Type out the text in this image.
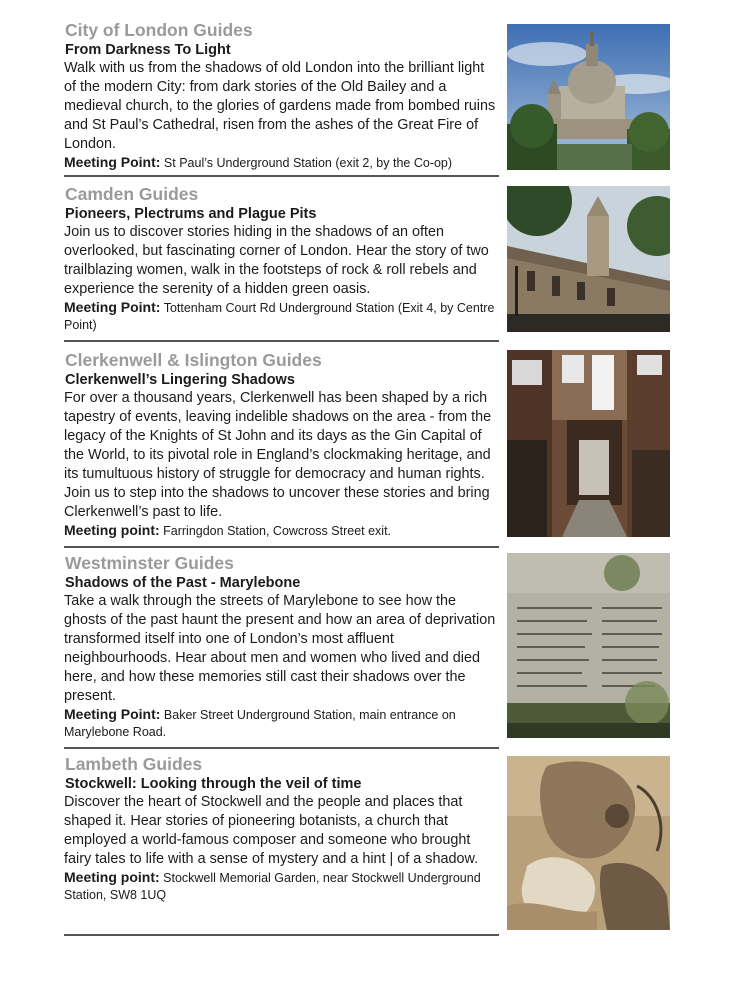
City of London Guides
From Darkness To Light

Walk with us from the shadows of old London into the brilliant light of the modern City: from dark stories of the Old Bailey and a medieval church, to the glories of gardens made from bombed ruins and St Paul’s Cathedral, risen from the ashes of the Great Fire of London.

Meeting Point: St Paul’s Underground Station (exit 2, by the Co-op)

Camden Guides
Pioneers, Plectrums and Plague Pits

Join us to discover stories hiding in the shadows of an often overlooked, but fascinating corner of London. Hear the story of two trailblazing women, walk in the footsteps of rock & roll rebels and experience the serenity of a hidden green oasis.

Meeting Point: Tottenham Court Rd Underground Station (Exit 4, by Centre Point)

Clerkenwell & Islington Guides
Clerkenwell’s Lingering Shadows

For over a thousand years, Clerkenwell has been shaped by a rich tapestry of events, leaving indelible shadows on the area - from the legacy of the Knights of St John and its days as the Gin Capital of the World, to its pivotal role in England’s clockmaking heritage, and its tumultuous history of struggle for democracy and human rights. Join us to step into the shadows to uncover these stories and bring Clerkenwell’s past to life.

Meeting point: Farringdon Station, Cowcross Street exit.

Westminster Guides
Shadows of the Past - Marylebone

Take a walk through the streets of Marylebone to see how the ghosts of the past haunt the present and how an area of deprivation transformed itself into one of London’s most affluent neighbourhoods. Hear about men and women who lived and died here, and how these memories still cast their shadows over the present.

Meeting Point: Baker Street Underground Station, main entrance on Marylebone Road.

Lambeth Guides
Stockwell: Looking through the veil of time

Discover the heart of Stockwell and the people and places that shaped it. Hear stories of pioneering botanists, a church that employed a world-famous composer and someone who brought fairy tales to life with a sense of mystery and a hint | of a shadow.

Meeting point: Stockwell Memorial Garden, near Stockwell Underground Station, SW8 1UQ
